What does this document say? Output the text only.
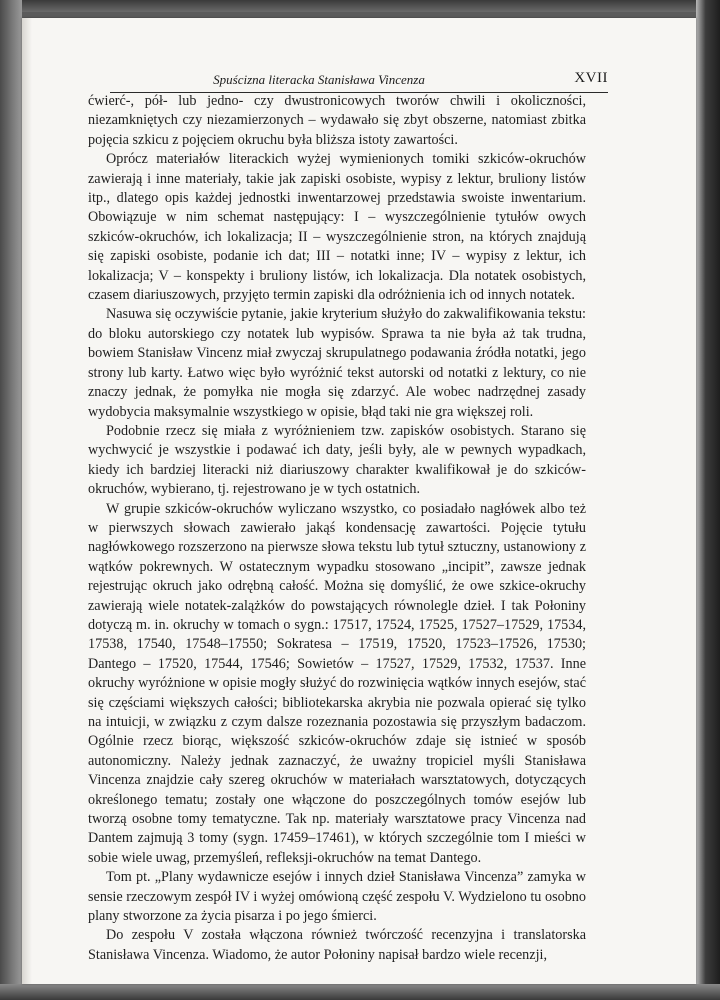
Spuścizna literacka Stanisława Vincenza	XVII

ćwierć-, pół- lub jedno- czy dwustronicowych tworów chwili i okoliczności, niezamkniętych czy niezamierzonych – wydawało się zbyt obszerne, natomiast zbitka pojęcia szkicu z pojęciem okruchu była bliższa istoty zawartości.

Oprócz materiałów literackich wyżej wymienionych tomiki szkiców-okruchów zawierają i inne materiały, takie jak zapiski osobiste, wypisy z lektur, bruliony listów itp., dlatego opis każdej jednostki inwentarzowej przedstawia swoiste inwentarium. Obowiązuje w nim schemat następujący: I – wyszczególnienie tytułów owych szkiców-okruchów, ich lokalizacja; II – wyszczególnienie stron, na których znajdują się zapiski osobiste, podanie ich dat; III – notatki inne; IV – wypisy z lektur, ich lokalizacja; V – konspekty i bruliony listów, ich lokalizacja. Dla notatek osobistych, czasem diariuszowych, przyjęto termin zapiski dla odróżnienia ich od innych notatek.

Nasuwa się oczywiście pytanie, jakie kryterium służyło do zakwalifikowania tekstu: do bloku autorskiego czy notatek lub wypisów. Sprawa ta nie była aż tak trudna, bowiem Stanisław Vincenz miał zwyczaj skrupulatnego podawania źródła notatki, jego strony lub karty. Łatwo więc było wyróżnić tekst autorski od notatki z lektury, co nie znaczy jednak, że pomyłka nie mogła się zdarzyć. Ale wobec nadrzędnej zasady wydobycia maksymalnie wszystkiego w opisie, błąd taki nie gra większej roli.

Podobnie rzecz się miała z wyróżnieniem tzw. zapisków osobistych. Starano się wychwycić je wszystkie i podawać ich daty, jeśli były, ale w pewnych wypadkach, kiedy ich bardziej literacki niż diariuszowy charakter kwalifikował je do szkiców-okruchów, wybierano, tj. rejestrowano je w tych ostatnich.

W grupie szkiców-okruchów wyliczano wszystko, co posiadało nagłówek albo też w pierwszych słowach zawierało jakąś kondensację zawartości. Pojęcie tytułu nagłówkowego rozszerzono na pierwsze słowa tekstu lub tytuł sztuczny, ustanowiony z wątków pokrewnych. W ostatecznym wypadku stosowano „incipit”, zawsze jednak rejestrując okruch jako odrębną całość. Można się domyślić, że owe szkice-okruchy zawierają wiele notatek-zalążków do powstających równolegle dzieł. I tak Połoniny dotyczą m. in. okruchy w tomach o sygn.: 17517, 17524, 17525, 17527–17529, 17534, 17538, 17540, 17548–17550; Sokratesa – 17519, 17520, 17523–17526, 17530; Dantego – 17520, 17544, 17546; Sowietów – 17527, 17529, 17532, 17537. Inne okruchy wyróżnione w opisie mogły służyć do rozwinięcia wątków innych esejów, stać się częściami większych całości; bibliotekarska akrybia nie pozwala opierać się tylko na intuicji, w związku z czym dalsze rozeznania pozostawia się przyszłym badaczom. Ogólnie rzecz biorąc, większość szkiców-okruchów zdaje się istnieć w sposób autonomiczny. Należy jednak zaznaczyć, że uważny tropiciel myśli Stanisława Vincenza znajdzie cały szereg okruchów w materiałach warsztatowych, dotyczących określonego tematu; zostały one włączone do poszczególnych tomów esejów lub tworzą osobne tomy tematyczne. Tak np. materiały warsztatowe pracy Vincenza nad Dantem zajmują 3 tomy (sygn. 17459–17461), w których szczególnie tom I mieści w sobie wiele uwag, przemyśleń, refleksji-okruchów na temat Dantego.

Tom pt. „Plany wydawnicze esejów i innych dzieł Stanisława Vincenza” zamyka w sensie rzeczowym zespół IV i wyżej omówioną część zespołu V. Wydzielono tu osobno plany stworzone za życia pisarza i po jego śmierci.

Do zespołu V została włączona również twórczość recenzyjna i translatorska Stanisława Vincenza. Wiadomo, że autor Połoniny napisał bardzo wiele recenzji,
